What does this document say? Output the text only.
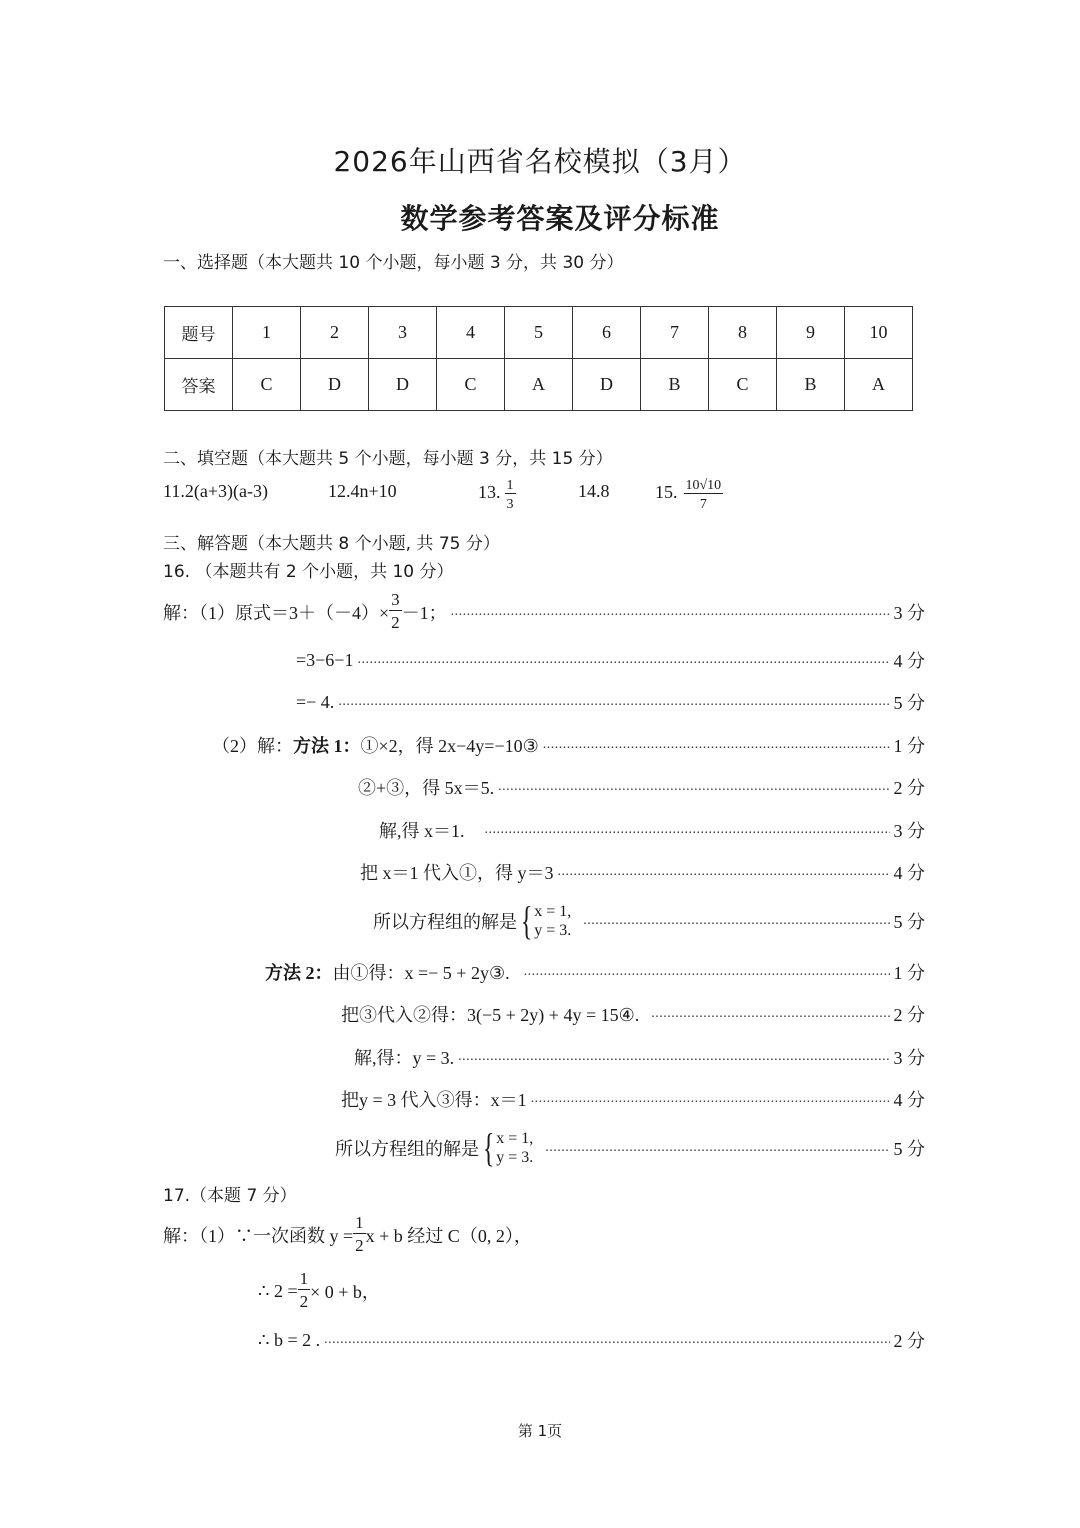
2026年山西省名校模拟（3月）
数学参考答案及评分标准
一、选择题（本大题共 10 个小题，每小题 3 分，共 30 分）
题号	1	2	3	4	5	6	7	8	9	10
答案	C	D	D	C	A	D	B	C	B	A
二、填空题（本大题共 5 个小题，每小题 3 分，共 15 分）
11.2(a+3)(a-3)	12.4n+10	13. $\frac{1}{3}$	14.8	15. $\frac{10√10}{7}$
三、解答题（本大题共 8 个小题, 共 75 分）
16. （本题共有 2 个小题，共 10 分）
解：（1）原式$=3+(-4)\times \frac{3}{2} -1$； .....	3 分
=3−6−1 .....	4 分
=− 4. .....	5 分
（2）解： 方法 1： ①×2，得 2x−4y=−10③ .....	1 分
②+③，得 5x＝5. .....	2 分
解,得 x＝1. .....	3 分
把 x＝1 代入①，得 y＝3 .....	4 分
所以方程组的解是 { x = 1,
y = 3. .....	5 分
方法 2： 由①得：x =− 5 + 2y③. .....	1 分
把③代入②得：3(−5 + 2y) + 4y = 15④. .....	2 分
解,得：y = 3. .....	3 分
把y = 3 代入③得：x＝1 .....	4 分
所以方程组的解是 { x = 1,
y = 3. .....	5 分
17.（本题 7 分）
解：（1）∵一次函数 $y = \frac{1}{2}$ x + b 经过 C（0, 2），
∴ $2 = \frac{1}{2} \times 0 + b$，
∴ b = 2 . .....	2 分
第 1页
